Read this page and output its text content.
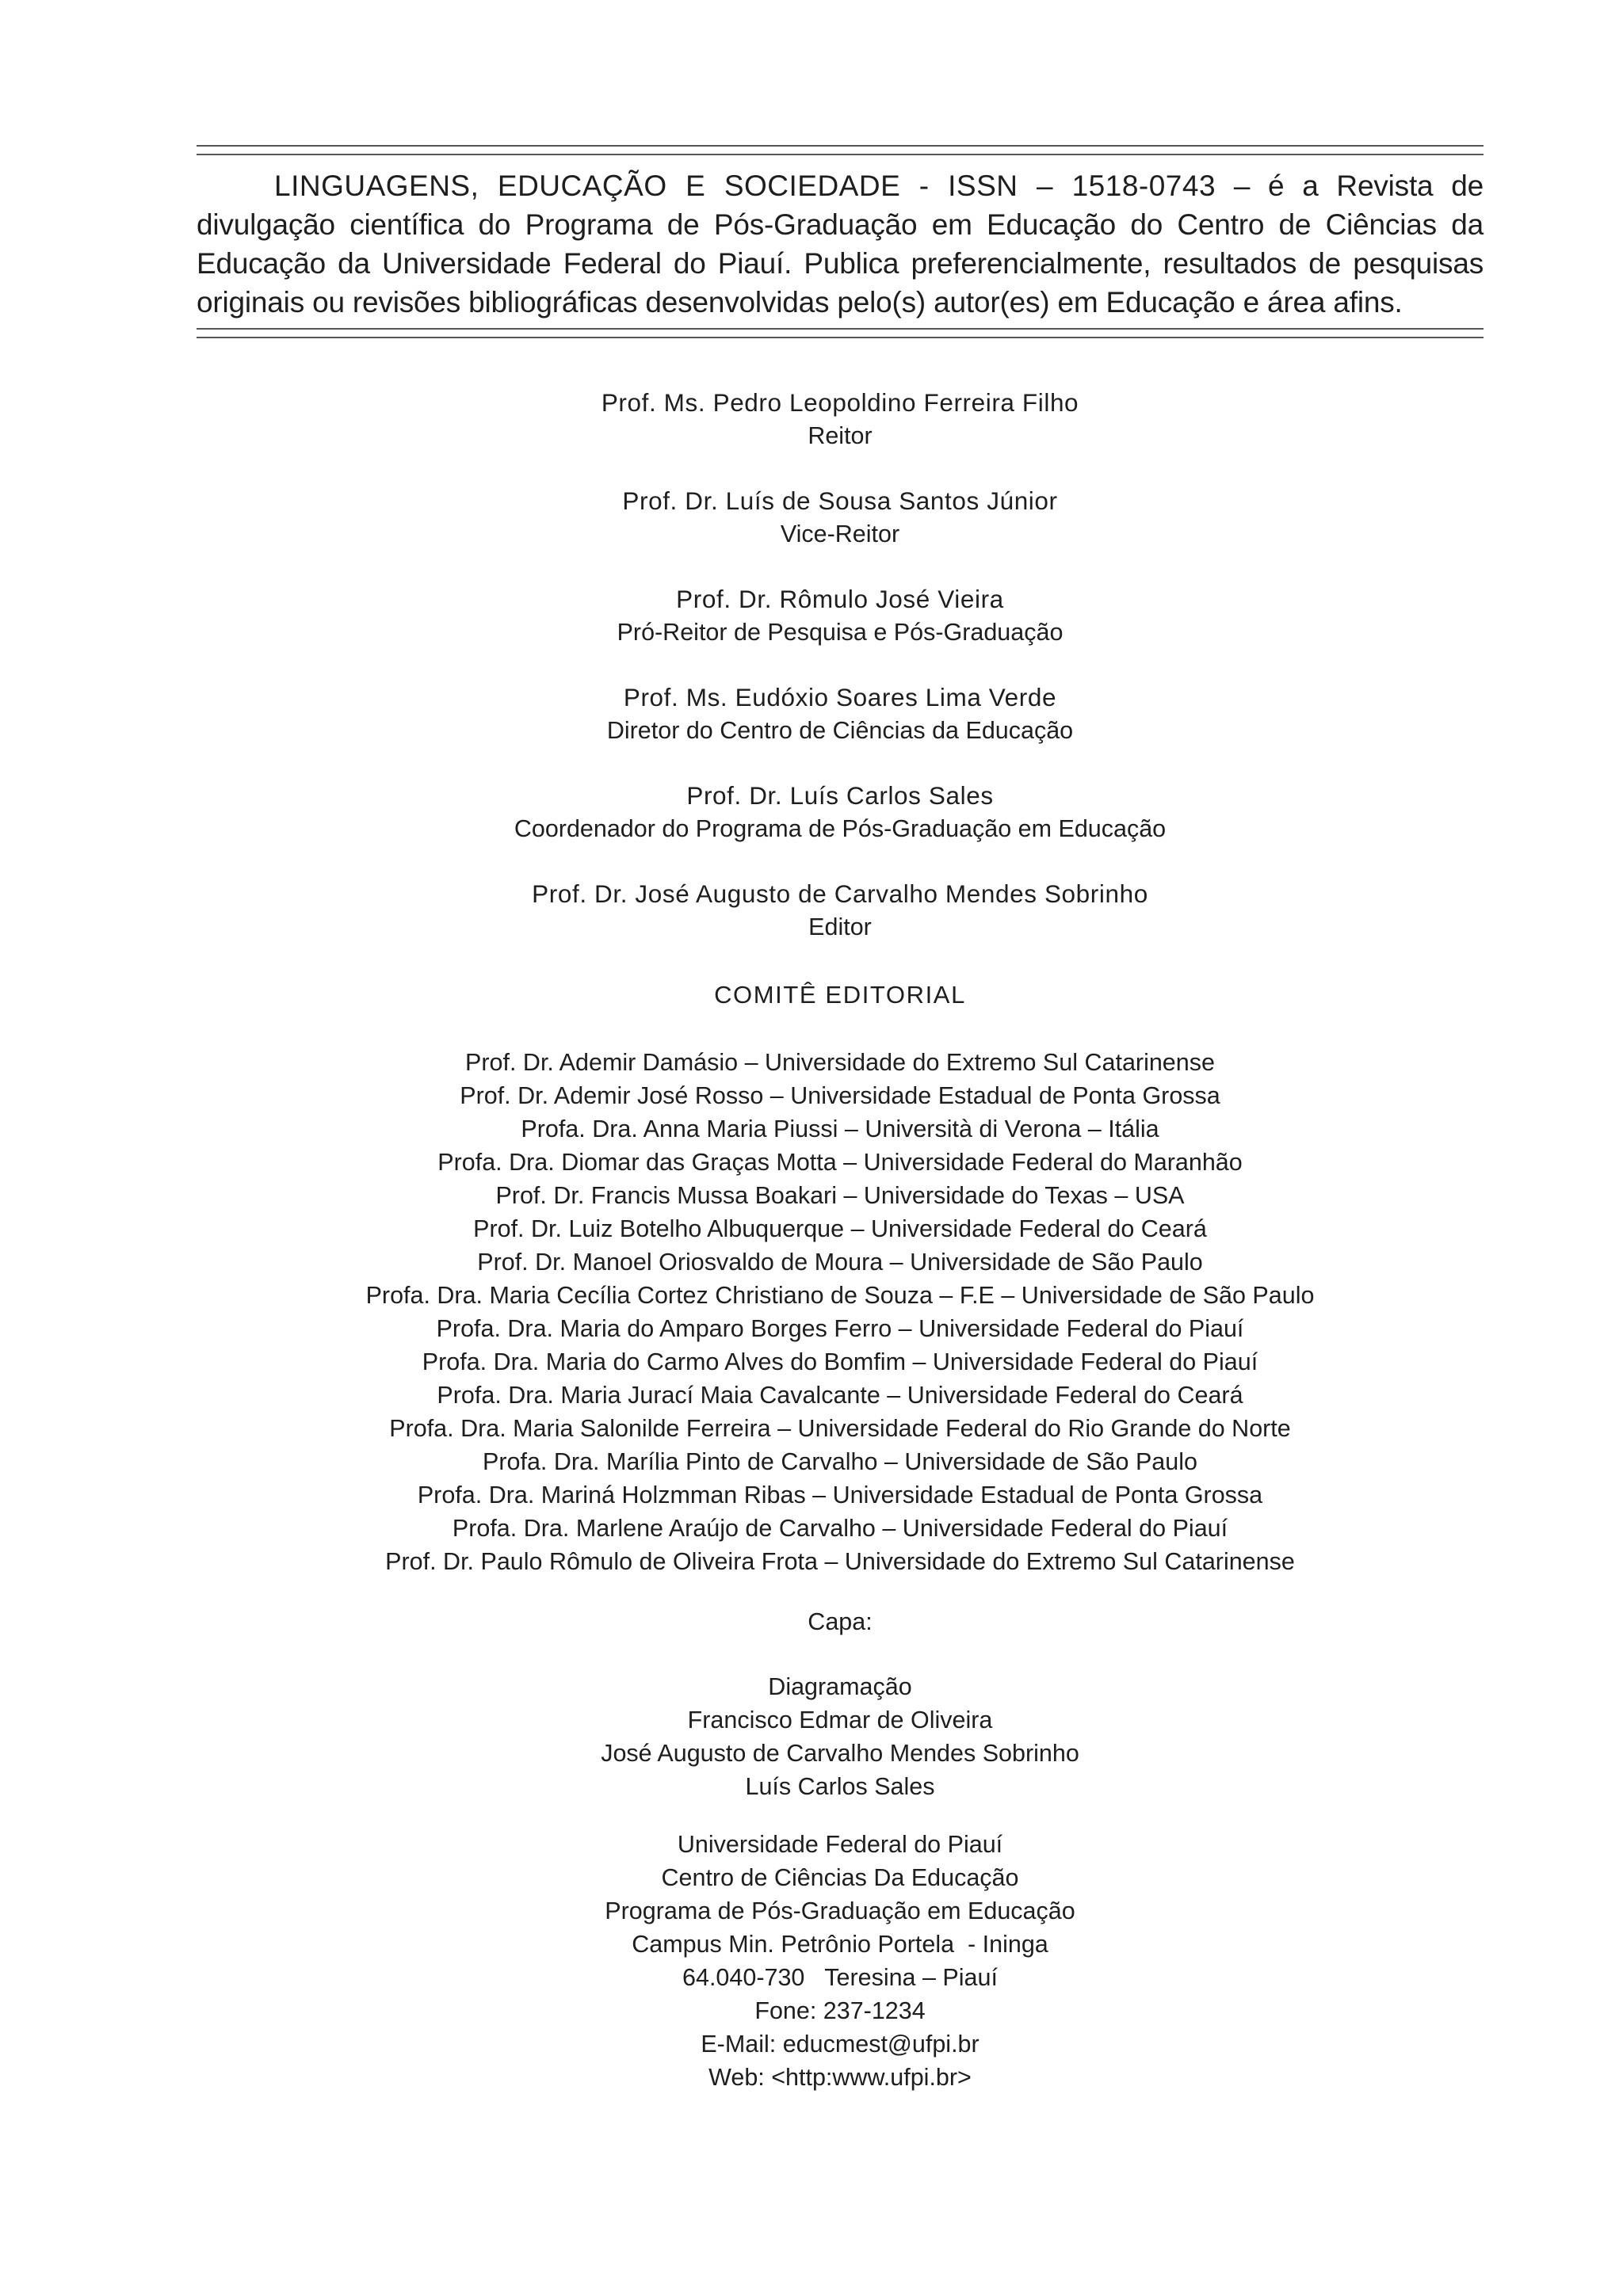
LINGUAGENS, EDUCAÇÃO E SOCIEDADE - ISSN – 1518-0743 – é a Revista de divulgação científica do Programa de Pós-Graduação em Educação do Centro de Ciências da Educação da Universidade Federal do Piauí. Publica preferencialmente, resultados de pesquisas originais ou revisões bibliográficas desenvolvidas pelo(s) autor(es) em Educação e área afins.

Prof. Ms. Pedro Leopoldino Ferreira Filho
Reitor
Prof. Dr. Luís de Sousa Santos Júnior
Vice-Reitor
Prof. Dr. Rômulo José Vieira
Pró-Reitor de Pesquisa e Pós-Graduação
Prof. Ms. Eudóxio Soares Lima Verde
Diretor do Centro de Ciências da Educação
Prof. Dr. Luís Carlos Sales
Coordenador do Programa de Pós-Graduação em Educação
Prof. Dr. José Augusto de Carvalho Mendes Sobrinho
Editor
COMITÊ EDITORIAL
Prof. Dr. Ademir Damásio – Universidade do Extremo Sul Catarinense
Prof. Dr. Ademir José Rosso – Universidade Estadual de Ponta Grossa
Profa. Dra. Anna Maria Piussi – Università di Verona – Itália
Profa. Dra. Diomar das Graças Motta – Universidade Federal do Maranhão
Prof. Dr. Francis Mussa Boakari – Universidade do Texas – USA
Prof. Dr. Luiz Botelho Albuquerque – Universidade Federal do Ceará
Prof. Dr. Manoel Oriosvaldo de Moura – Universidade de São Paulo
Profa. Dra. Maria Cecília Cortez Christiano de Souza – F.E – Universidade de São Paulo
Profa. Dra. Maria do Amparo Borges Ferro – Universidade Federal do Piauí
Profa. Dra. Maria do Carmo Alves do Bomfim – Universidade Federal do Piauí
Profa. Dra. Maria Jurací Maia Cavalcante – Universidade Federal do Ceará
Profa. Dra. Maria Salonilde Ferreira – Universidade Federal do Rio Grande do Norte
Profa. Dra. Marília Pinto de Carvalho – Universidade de São Paulo
Profa. Dra. Mariná Holzmman Ribas – Universidade Estadual de Ponta Grossa
Profa. Dra. Marlene Araújo de Carvalho – Universidade Federal do Piauí
Prof. Dr. Paulo Rômulo de Oliveira Frota – Universidade do Extremo Sul Catarinense
Capa:
Diagramação
Francisco Edmar de Oliveira
José Augusto de Carvalho Mendes Sobrinho
Luís Carlos Sales
Universidade Federal do Piauí
Centro de Ciências Da Educação
Programa de Pós-Graduação em Educação
Campus Min. Petrônio Portela  - Ininga
64.040-730   Teresina – Piauí
Fone: 237-1234
E-Mail: educmest@ufpi.br
Web: <http:www.ufpi.br>
